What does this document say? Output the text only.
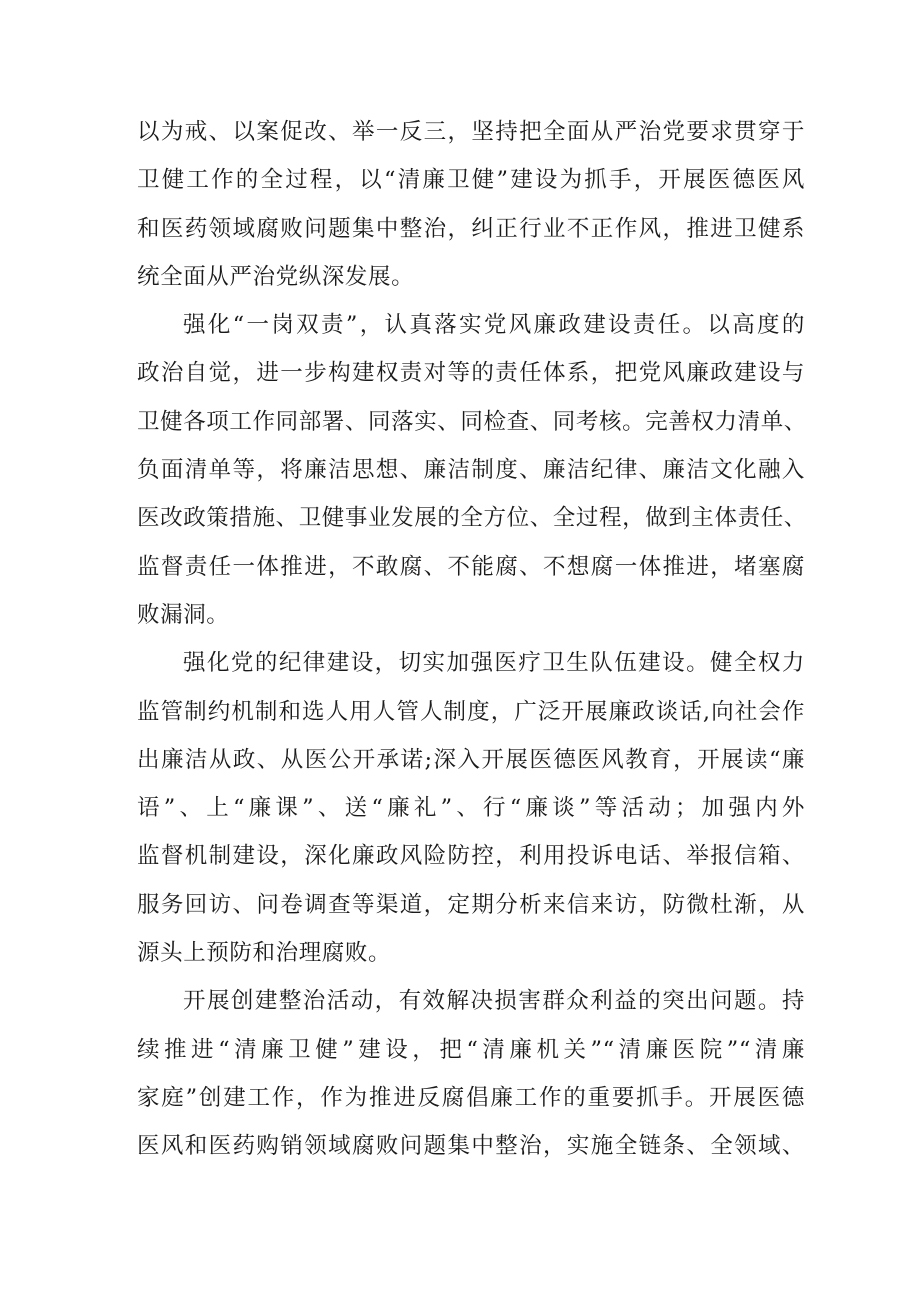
以为戒、以案促改、举一反三，坚持把全面从严治党要求贯穿于
卫健工作的全过程，以“清廉卫健”建设为抓手，开展医德医风
和医药领域腐败问题集中整治，纠正行业不正作风，推进卫健系
统全面从严治党纵深发展。
强化“一岗双责”，认真落实党风廉政建设责任。以高度的
政治自觉，进一步构建权责对等的责任体系，把党风廉政建设与
卫健各项工作同部署、同落实、同检查、同考核。完善权力清单、
负面清单等，将廉洁思想、廉洁制度、廉洁纪律、廉洁文化融入
医改政策措施、卫健事业发展的全方位、全过程，做到主体责任、
监督责任一体推进，不敢腐、不能腐、不想腐一体推进，堵塞腐
败漏洞。
强化党的纪律建设，切实加强医疗卫生队伍建设。健全权力
监管制约机制和选人用人管人制度，广泛开展廉政谈话,向社会作
出廉洁从政、从医公开承诺;深入开展医德医风教育，开展读“廉
语”、上“廉课”、送“廉礼”、行“廉谈”等活动；加强内外
监督机制建设，深化廉政风险防控，利用投诉电话、举报信箱、
服务回访、问卷调查等渠道，定期分析来信来访，防微杜渐，从
源头上预防和治理腐败。
开展创建整治活动，有效解决损害群众利益的突出问题。持
续推进“清廉卫健”建设，把“清廉机关”“清廉医院”“清廉
家庭”创建工作，作为推进反腐倡廉工作的重要抓手。开展医德
医风和医药购销领域腐败问题集中整治，实施全链条、全领域、
